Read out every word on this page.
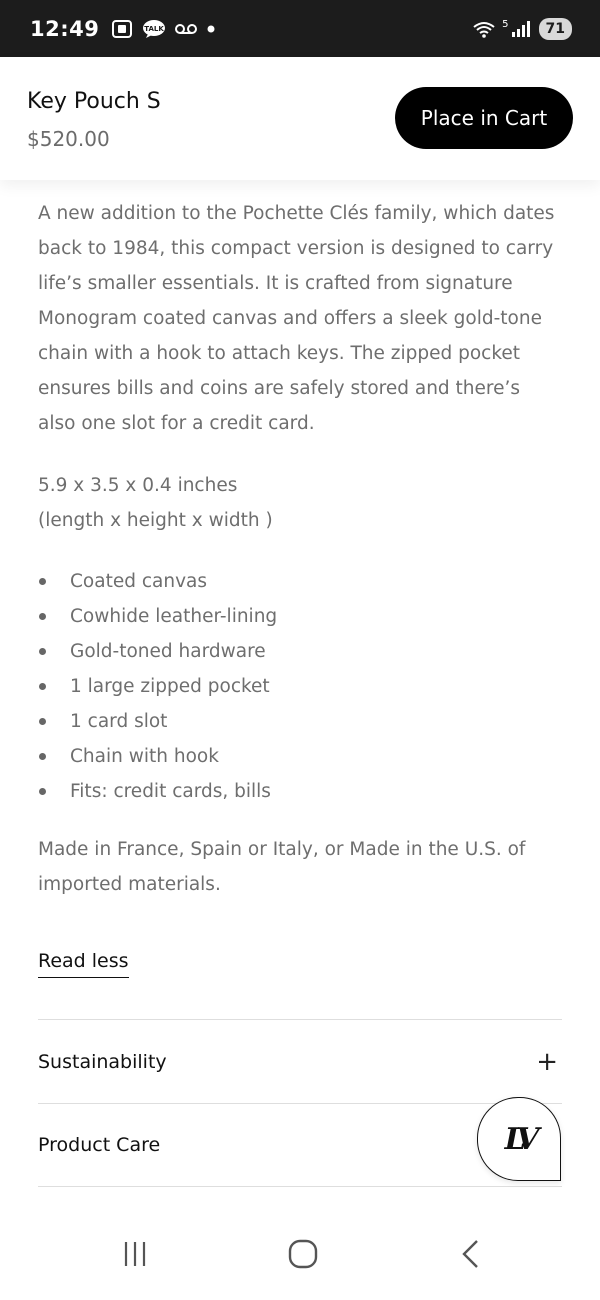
12:49	TALK	5	71
Key Pouch S
$520.00
Place in Cart

A new addition to the Pochette Clés family, which dates back to 1984, this compact version is designed to carry life’s smaller essentials. It is crafted from signature Monogram coated canvas and offers a sleek gold-tone chain with a hook to attach keys. The zipped pocket ensures bills and coins are safely stored and there’s also one slot for a credit card.

5.9 x 3.5 x 0.4 inches
(length x height x width )
Coated canvas
Cowhide leather-lining
Gold-toned hardware
1 large zipped pocket
1 card slot
Chain with hook
Fits: credit cards, bills
Made in France, Spain or Italy, or Made in the U.S. of imported materials.
Read less
Sustainability	+
Product Care	LV
